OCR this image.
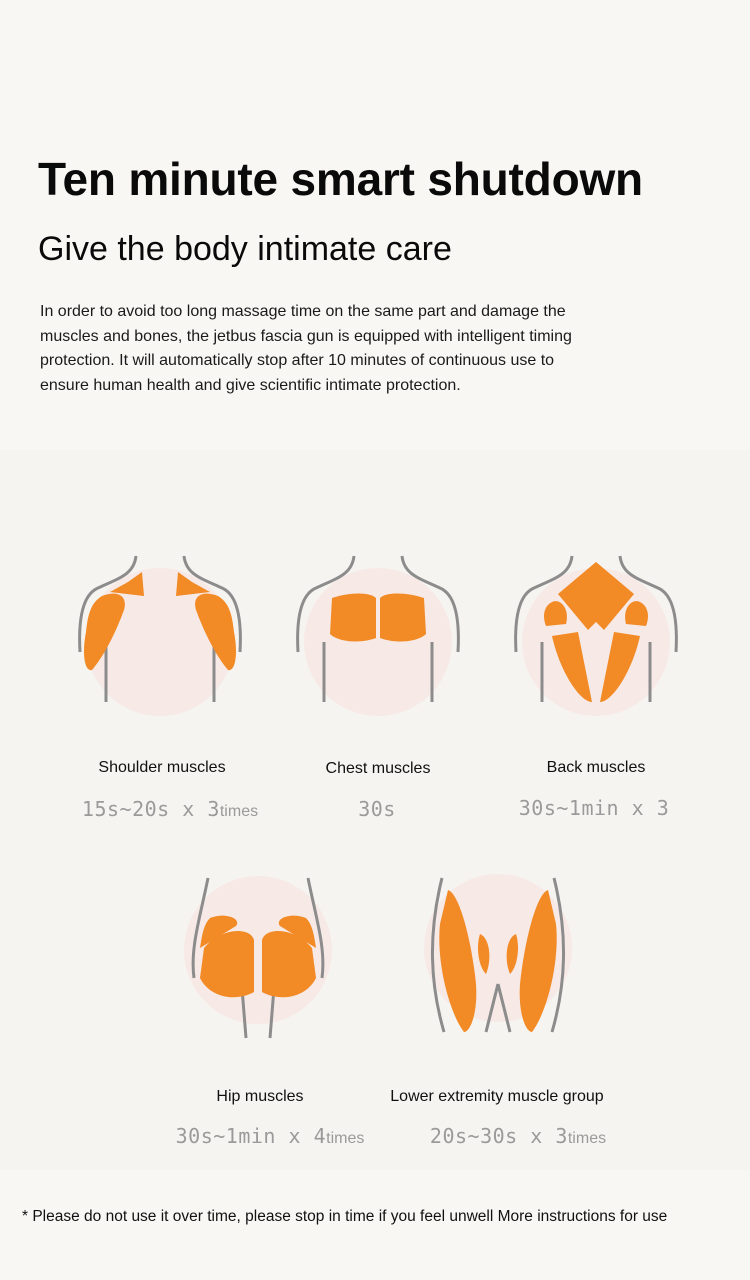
Ten minute smart shutdown
Give the body intimate care
In order to avoid too long massage time on the same part and damage the
muscles and bones, the jetbus fascia gun is equipped with intelligent timing
protection. It will automatically stop after 10 minutes of continuous use to
ensure human health and give scientific intimate protection.
Shoulder muscles
15s~20s x 3times
Chest muscles
30s
Back muscles
30s~1min x 3
Hip muscles
30s~1min x 4times
Lower extremity muscle group
20s~30s x 3times
* Please do not use it over time, please stop in time if you feel unwell More instructions for use
